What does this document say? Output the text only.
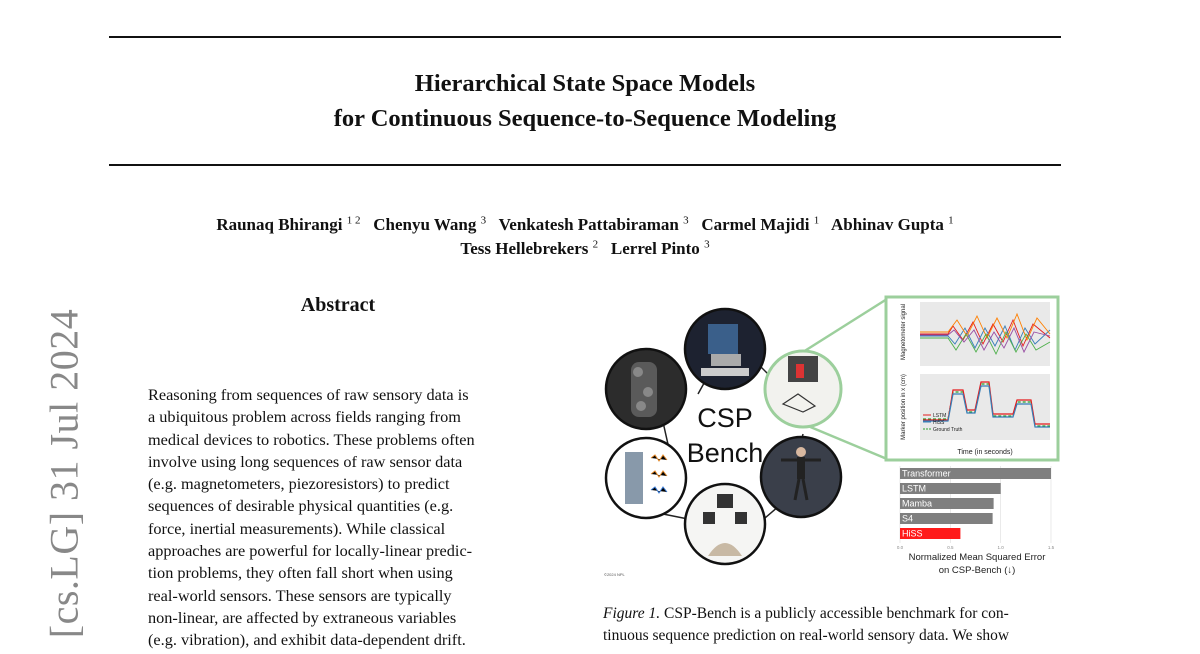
Hierarchical State Space Models
for Continuous Sequence-to-Sequence Modeling
Raunaq Bhirangi $^{1 2}$ Chenyu Wang $^3$ Venkatesh Pattabiraman $^3$ Carmel Majidi $^1$ Abhinav Gupta $^1$
Tess Hellebrekers $^2$ Lerrel Pinto $^3$
[cs.LG] 31 Jul 2024
Abstract
Reasoning from sequences of raw sensory data is
a ubiquitous problem across fields ranging from
medical devices to robotics. These problems often
involve using long sequences of raw sensor data
(e.g. magnetometers, piezoresistors) to predict
sequences of desirable physical quantities (e.g.
force, inertial measurements). While classical
approaches are powerful for locally-linear predic-
tion problems, they often fall short when using
real-world sensors. These sensors are typically
non-linear, are affected by extraneous variables
(e.g. vibration), and exhibit data-dependent drift.
©2024 NPL
CSP
Bench
Magnetometer signal
LSTM
HiSS
Ground Truth
Marker position in x (cm)
Time (in seconds)
0.0	0.5	1.0	1.5
Transformer
LSTM
Mamba
S4
HiSS
Normalized Mean Squared Error
on CSP-Bench (↓)
Figure 1. CSP-Bench is a publicly accessible benchmark for con-
tinuous sequence prediction on real-world sensory data. We show
